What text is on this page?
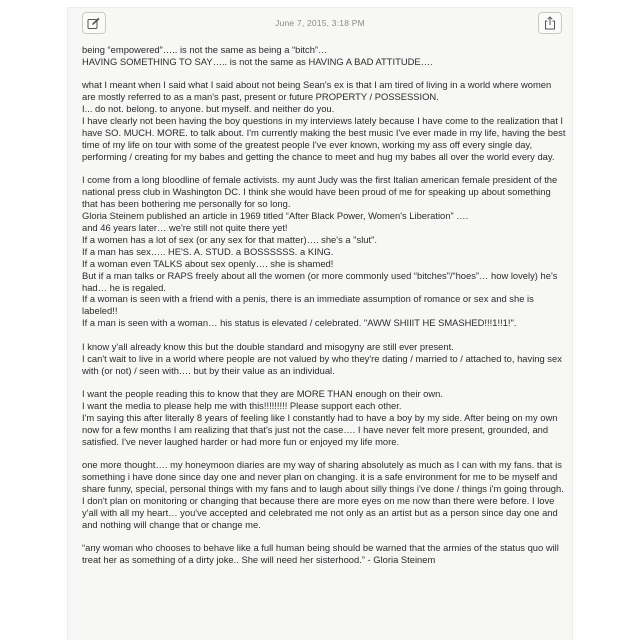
June 7, 2015, 3:18 PM
being “empowered”….. is not the same as being a “bitch”…
HAVING SOMETHING TO SAY….. is not the same as HAVING A BAD ATTITUDE….
what I meant when I said what I said about not being Sean's ex is that I am tired of living in a world where women are mostly referred to as a man's past, present or future PROPERTY / POSSESSION.
I... do not. belong. to anyone. but myself. and neither do you.
I have clearly not been having the boy questions in my interviews lately because I have come to the realization that I have SO. MUCH. MORE. to talk about. I'm currently making the best music I've ever made in my life, having the best time of my life on tour with some of the greatest people I've ever known, working my ass off every single day, performing / creating for my babes and getting the chance to meet and hug my babes all over the world every day.
I come from a long bloodline of female activists. my aunt Judy was the first Italian american female president of the national press club in Washington DC. I think she would have been proud of me for speaking up about something that has been bothering me personally for so long.
Gloria Steinem published an article in 1969 titled “After Black Power, Women's Liberation” ….
and 46 years later… we're still not quite there yet!
If a women has a lot of sex (or any sex for that matter)…. she's a "slut".
If a man has sex….. HE'S. A. STUD. a BOSSSSSS. a KING.
If a woman even TALKS about sex openly…. she is shamed!
But if a man talks or RAPS freely about all the women (or more commonly used “bitches”/“hoes”… how lovely) he's had… he is regaled.
If a woman is seen with a friend with a penis, there is an immediate assumption of romance or sex and she is labeled!!
If a man is seen with a woman… his status is elevated / celebrated. "AWW SHIIIT HE SMASHED!!!1!!1!".
I know y'all already know this but the double standard and misogyny are still ever present.
I can't wait to live in a world where people are not valued by who they're dating / married to / attached to, having sex with (or not) / seen with…. but by their value as an individual.
I want the people reading this to know that they are MORE THAN enough on their own.
I want the media to please help me with this!!!!!!!!! Please support each other.
I'm saying this after literally 8 years of feeling like I constantly had to have a boy by my side. After being on my own now for a few months I am realizing that that's just not the case…. I have never felt more present, grounded, and satisfied. I've never laughed harder or had more fun or enjoyed my life more.
one more thought…. my honeymoon diaries are my way of sharing absolutely as much as I can with my fans. that is something i have done since day one and never plan on changing. it is a safe environment for me to be myself and share funny, special, personal things with my fans and to laugh about silly things i've done / things i'm going through. I don't plan on monitoring or changing that because there are more eyes on me now than there were before. I love y'all with all my heart… you've accepted and celebrated me not only as an artist but as a person since day one and and nothing will change that or change me.
“any woman who chooses to behave like a full human being should be warned that the armies of the status quo will treat her as something of a dirty joke.. She will need her sisterhood.” - Gloria Steinem
